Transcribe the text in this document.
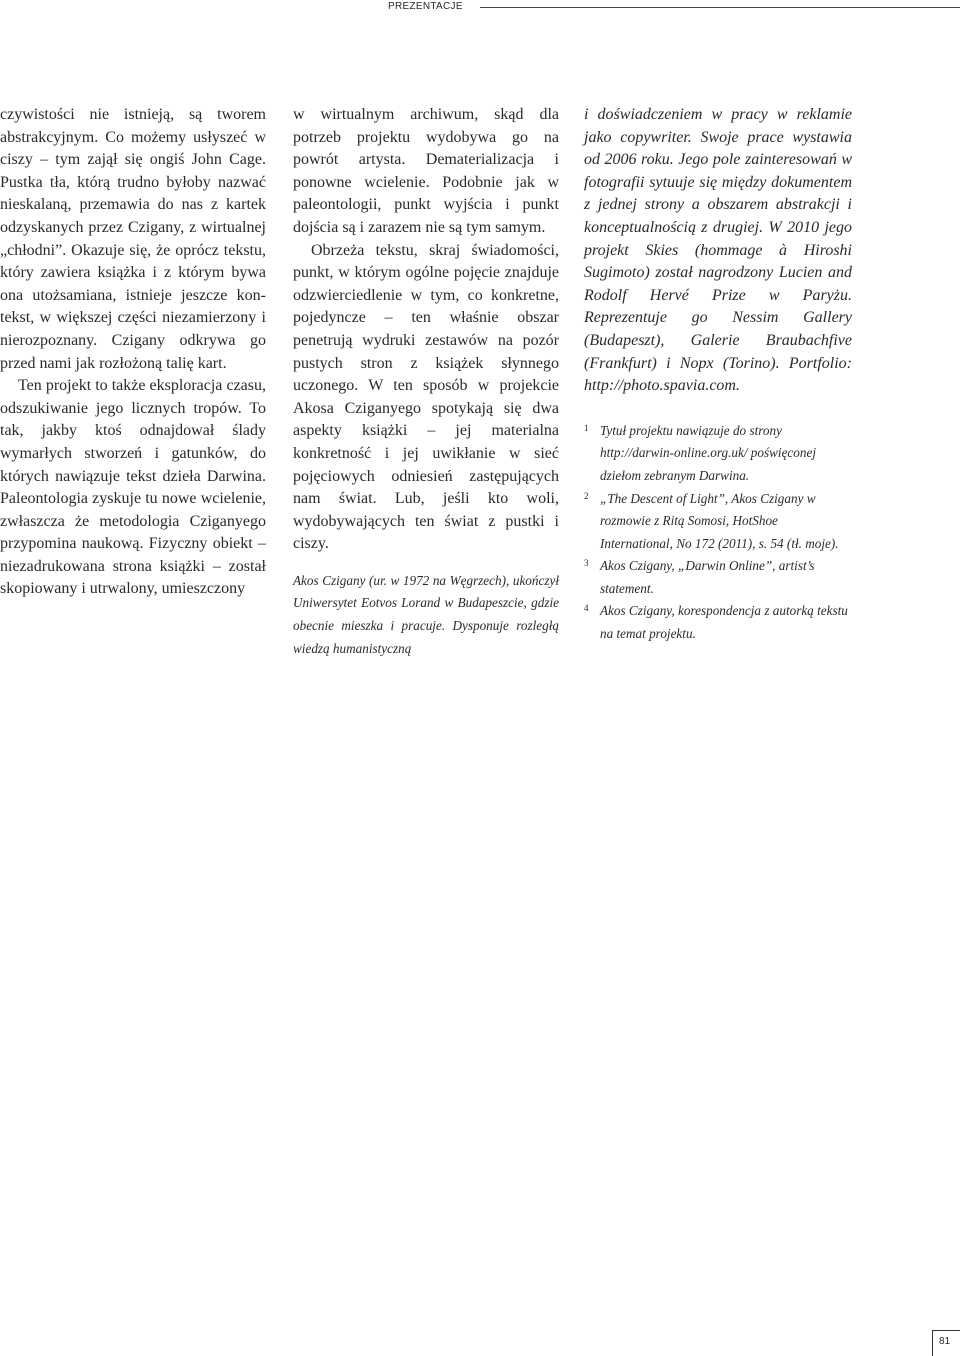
PREZENTACJE

czywistości nie istnieją, są tworem abstrakcyjnym. Co możemy usłyszeć w ciszy – tym zajął się ongiś John Cage. Pustka tła, którą trudno byłoby nazwać nieskalaną, przemawia do nas z kartek odzyskanych przez Czigany, z wirtualnej „chłodni”. Okazuje się, że oprócz tekstu, który zawiera książka i z którym bywa ona utożsamiana, istnieje jeszcze kon-tekst, w większej części niezamierzony i nierozpoznany. Czigany odkrywa go przed nami jak rozłożoną talię kart.

Ten projekt to także eksploracja czasu, odszukiwanie jego licznych tropów. To tak, jakby ktoś odnajdował ślady wymarłych stworzeń i gatunków, do których nawiązuje tekst dzieła Darwina. Paleontologia zyskuje tu nowe wcielenie, zwłaszcza że metodologia Cziganyego przypomina naukową. Fizyczny obiekt – niezadrukowana strona książki – został skopiowany i utrwalony, umieszczony

w wirtualnym archiwum, skąd dla potrzeb projektu wydobywa go na powrót artysta. Dematerializacja i ponowne wcielenie. Podobnie jak w paleontologii, punkt wyjścia i punkt dojścia są i zarazem nie są tym samym.

Obrzeża tekstu, skraj świadomości, punkt, w którym ogólne pojęcie znajduje odzwierciedlenie w tym, co konkretne, pojedyncze – ten właśnie obszar penetrują wydruki zestawów na pozór pustych stron z książek słynnego uczonego. W ten sposób w projekcie Akosa Cziganyego spotykają się dwa aspekty książki – jej materialna konkretność i jej uwikłanie w sieć pojęciowych odniesień zastępujących nam świat. Lub, jeśli kto woli, wydobywających ten świat z pustki i ciszy.

Akos Czigany (ur. w 1972 na Węgrzech), ukończył Uniwersytet Eotvos Lorand w Budapeszcie, gdzie obecnie mieszka i pracuje. Dysponuje rozległą wiedzą humanistyczną

i doświadczeniem w pracy w reklamie jako copywriter. Swoje prace wystawia od 2006 roku. Jego pole zainteresowań w fotografii sytuuje się między dokumentem z jednej strony a obszarem abstrakcji i konceptualnością z drugiej. W 2010 jego projekt Skies (hommage à Hiroshi Sugimoto) został nagrodzony Lucien and Rodolf Hervé Prize w Paryżu. Reprezentuje go Nessim Gallery (Budapeszt), Galerie Braubachfive (Frankfurt) i Nopx (Torino). Portfolio: http://photo.spavia.com.

1 Tytuł projektu nawiązuje do strony http://darwin-online.org.uk/ poświęconej dziełom zebranym Darwina.
2 „The Descent of Light”, Akos Czigany w rozmowie z Ritą Somosi, HotShoe International, No 172 (2011), s. 54 (tł. moje).
3 Akos Czigany, „Darwin Online”, artist’s statement.
4 Akos Czigany, korespondencja z autorką tekstu na temat projektu.
81
